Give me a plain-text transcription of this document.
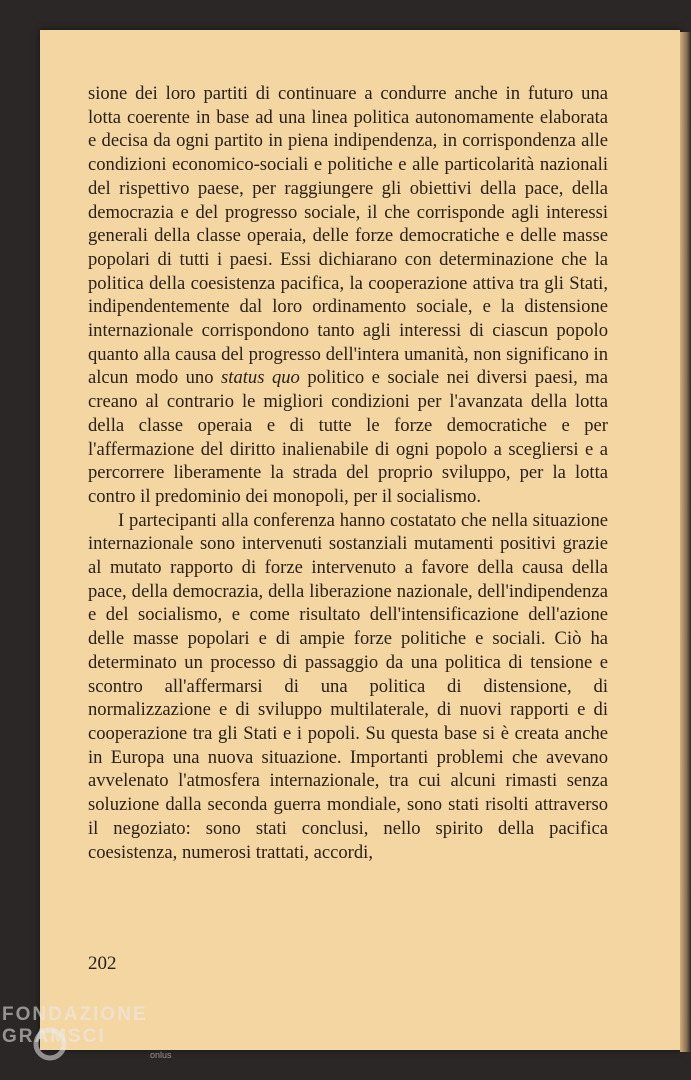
sione dei loro partiti di continuare a condurre anche in futuro una lotta coerente in base ad una linea politica autonomamente elaborata e decisa da ogni partito in piena indipendenza, in corrispondenza alle condizioni economico-sociali e politiche e alle particolarità nazionali del rispettivo paese, per raggiungere gli obiettivi della pace, della democrazia e del progresso sociale, il che corrisponde agli interessi generali della classe operaia, delle forze democratiche e delle masse popolari di tutti i paesi. Essi dichiarano con determinazione che la politica della coesistenza pacifica, la cooperazione attiva tra gli Stati, indipendentemente dal loro ordinamento sociale, e la distensione internazionale corrispondono tanto agli interessi di ciascun popolo quanto alla causa del progresso dell'intera umanità, non significano in alcun modo uno status quo politico e sociale nei diversi paesi, ma creano al contrario le migliori condizioni per l'avanzata della lotta della classe operaia e di tutte le forze democratiche e per l'affermazione del diritto inalienabile di ogni popolo a scegliersi e a percorrere liberamente la strada del proprio sviluppo, per la lotta contro il predominio dei monopoli, per il socialismo.

I partecipanti alla conferenza hanno costatato che nella situazione internazionale sono intervenuti sostanziali mutamenti positivi grazie al mutato rapporto di forze intervenuto a favore della causa della pace, della democrazia, della liberazione nazionale, dell'indipendenza e del socialismo, e come risultato dell'intensificazione dell'azione delle masse popolari e di ampie forze politiche e sociali. Ciò ha determinato un processo di passaggio da una politica di tensione e scontro all'affermarsi di una politica di distensione, di normalizzazione e di sviluppo multilaterale, di nuovi rapporti e di cooperazione tra gli Stati e i popoli. Su questa base si è creata anche in Europa una nuova situazione. Importanti problemi che avevano avvelenato l'atmosfera internazionale, tra cui alcuni rimasti senza soluzione dalla seconda guerra mondiale, sono stati risolti attraverso il negoziato: sono stati conclusi, nello spirito della pacifica coesistenza, numerosi trattati, accordi,

202
FONDAZIONE GRAMSCI
onlus
